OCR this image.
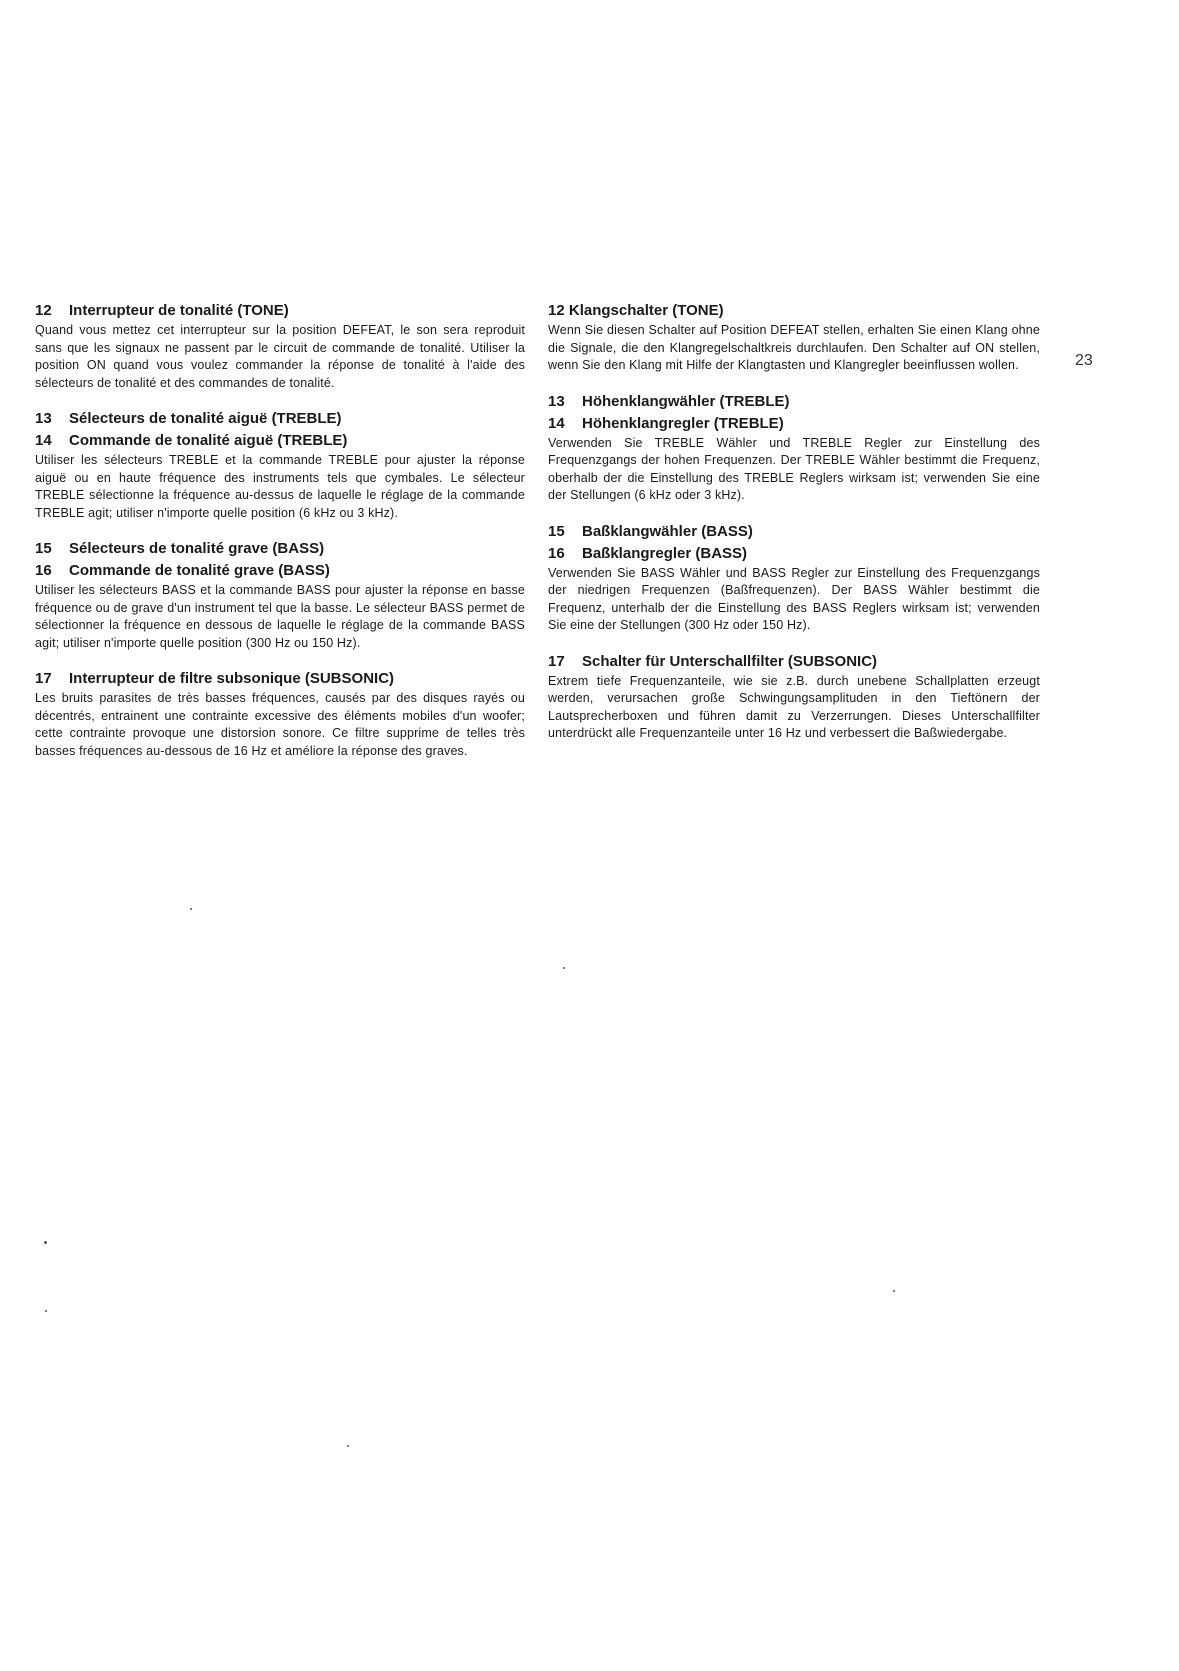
12 Interrupteur de tonalité (TONE)

Quand vous mettez cet interrupteur sur la position DEFEAT, le son sera reproduit sans que les signaux ne passent par le circuit de commande de tonalité. Utiliser la position ON quand vous voulez commander la réponse de tonalité à l'aide des sélecteurs de tonalité et des commandes de tonalité.

13 Sélecteurs de tonalité aiguë (TREBLE)

14 Commande de tonalité aiguë (TREBLE)

Utiliser les sélecteurs TREBLE et la commande TREBLE pour ajuster la réponse aiguë ou en haute fréquence des instruments tels que cymbales. Le sélecteur TREBLE sélectionne la fréquence au-dessus de laquelle le réglage de la commande TREBLE agit; utiliser n'importe quelle position (6 kHz ou 3 kHz).

15 Sélecteurs de tonalité grave (BASS)

16 Commande de tonalité grave (BASS)

Utiliser les sélecteurs BASS et la commande BASS pour ajuster la réponse en basse fréquence ou de grave d'un instrument tel que la basse. Le sélecteur BASS permet de sélectionner la fréquence en dessous de laquelle le réglage de la commande BASS agit; utiliser n'importe quelle position (300 Hz ou 150 Hz).

17 Interrupteur de filtre subsonique (SUBSONIC)

Les bruits parasites de très basses fréquences, causés par des disques rayés ou décentrés, entrainent une contrainte excessive des éléments mobiles d'un woofer; cette contrainte provoque une distorsion sonore. Ce filtre supprime de telles très basses fréquences au-dessous de 16 Hz et améliore la réponse des graves.

12 Klangschalter (TONE)

Wenn Sie diesen Schalter auf Position DEFEAT stellen, erhalten Sie einen Klang ohne die Signale, die den Klangregelschaltkreis durchlaufen. Den Schalter auf ON stellen, wenn Sie den Klang mit Hilfe der Klangtasten und Klangregler beeinflussen wollen.

13 Höhenklangwähler (TREBLE)

14 Höhenklangregler (TREBLE)

Verwenden Sie TREBLE Wähler und TREBLE Regler zur Einstellung des Frequenzgangs der hohen Frequenzen. Der TREBLE Wähler bestimmt die Frequenz, oberhalb der die Einstellung des TREBLE Reglers wirksam ist; verwenden Sie eine der Stellungen (6 kHz oder 3 kHz).

15 Baßklangwähler (BASS)

16 Baßklangregler (BASS)

Verwenden Sie BASS Wähler und BASS Regler zur Einstellung des Frequenzgangs der niedrigen Frequenzen (Baßfrequenzen). Der BASS Wähler bestimmt die Frequenz, unterhalb der die Einstellung des BASS Reglers wirksam ist; verwenden Sie eine der Stellungen (300 Hz oder 150 Hz).

17 Schalter für Unterschallfilter (SUBSONIC)

Extrem tiefe Frequenzanteile, wie sie z.B. durch unebene Schallplatten erzeugt werden, verursachen große Schwingungsamplituden in den Tieftönern der Lautsprecherboxen und führen damit zu Verzerrungen. Dieses Unterschallfilter unterdrückt alle Frequenzanteile unter 16 Hz und verbessert die Baßwiedergabe.

23
